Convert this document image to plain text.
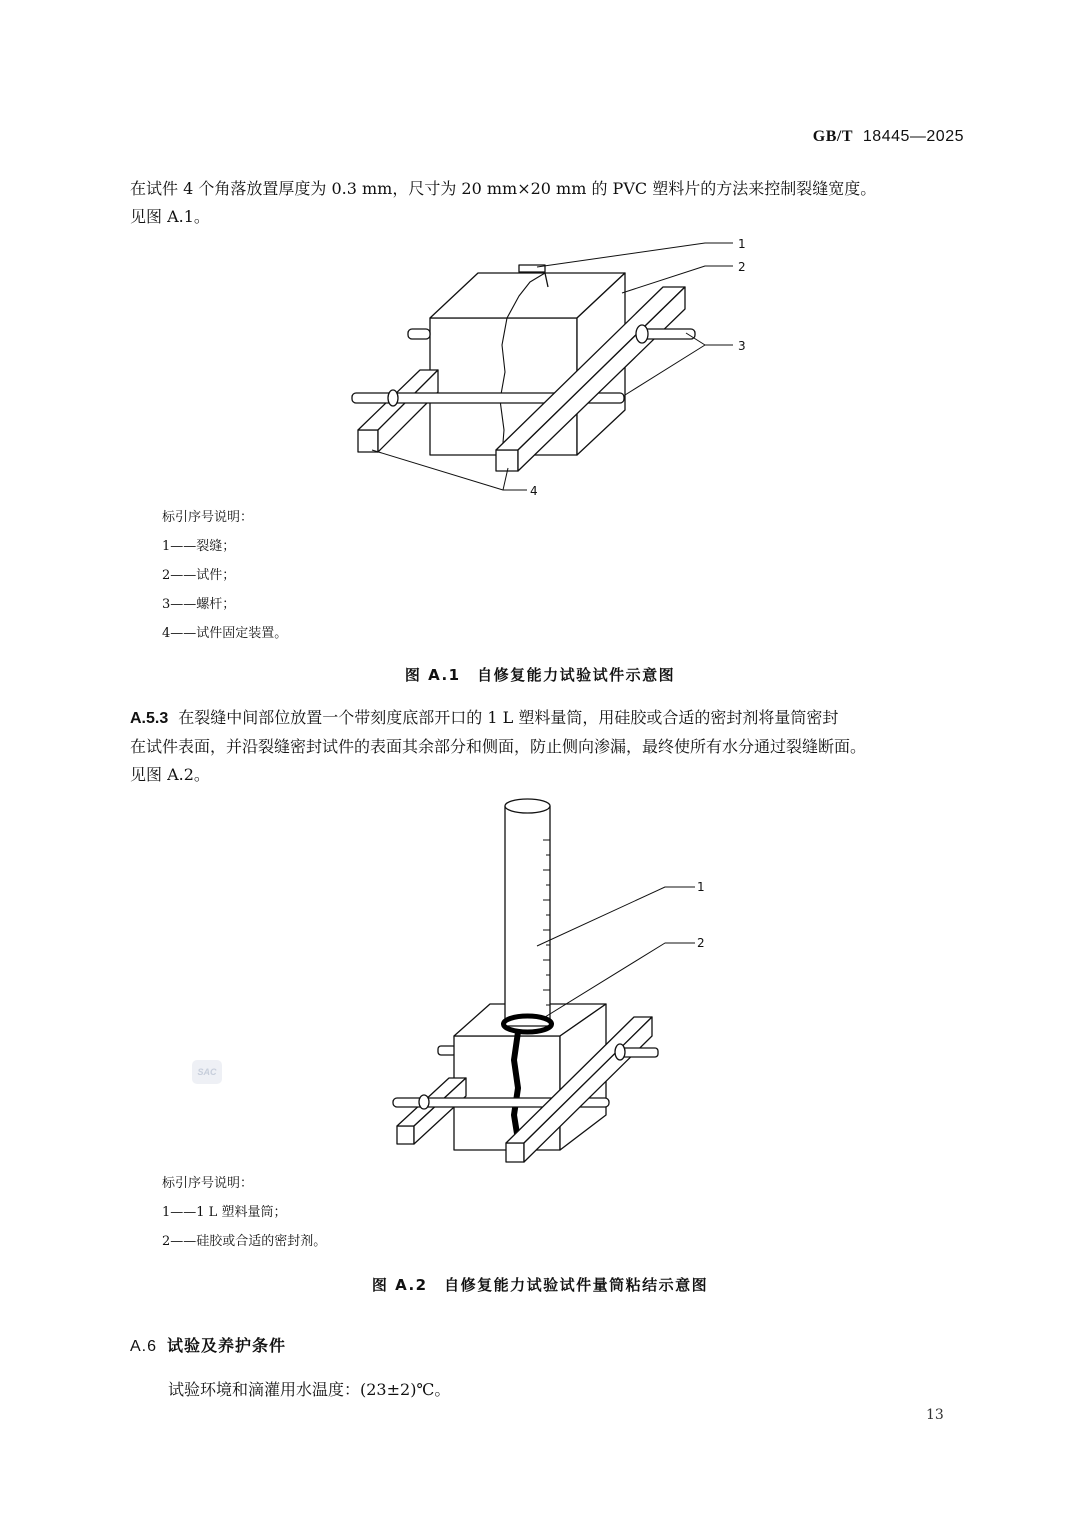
GB/T 18445—2025

在试件 4 个角落放置厚度为 0.3 mm，尺寸为 20 mm×20 mm 的 PVC 塑料片的方法来控制裂缝宽度。

见图 A.1。

1
2
3
4
标引序号说明：
1——裂缝；
2——试件；
3——螺杆；
4——试件固定装置。
图 A.1　自修复能力试验试件示意图

A.5.3 在裂缝中间部位放置一个带刻度底部开口的 1 L 塑料量筒，用硅胶或合适的密封剂将量筒密封

在试件表面，并沿裂缝密封试件的表面其余部分和侧面，防止侧向渗漏，最终使所有水分通过裂缝断面。

见图 A.2。

1
2
SAC
标引序号说明：
1——1 L 塑料量筒；
2——硅胶或合适的密封剂。
图 A.2　自修复能力试验试件量筒粘结示意图
A.6 试验及养护条件
试验环境和滴灌用水温度：(23±2)℃。
13
